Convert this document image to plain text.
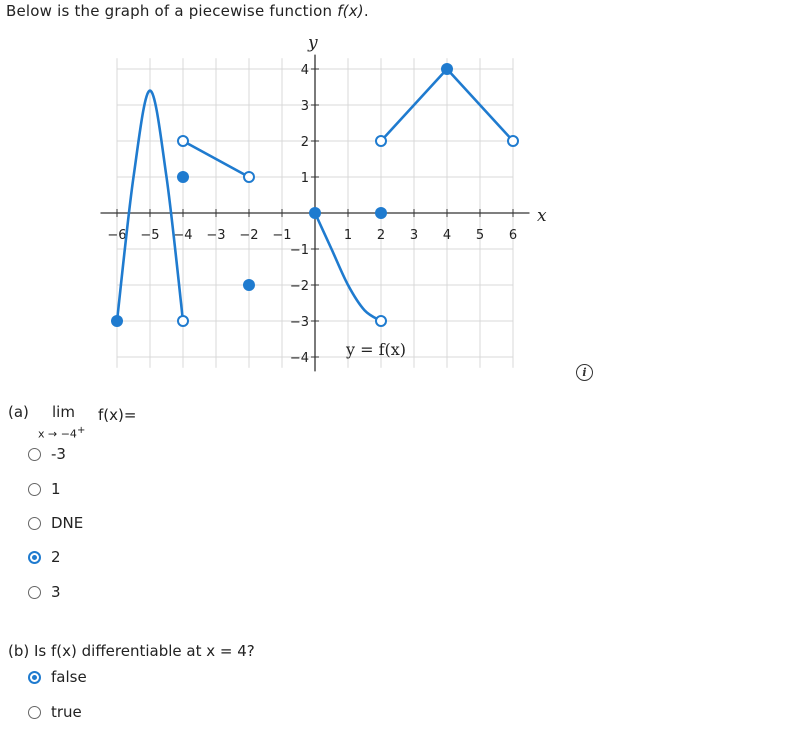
Below is the graph of a piecewise function f(x).
−6 −5 −4 −3 −2 −1	1 2 3 4 5 6
4
3
2
1
−1
−2
−3
−4
x
y
y = f(x)
i
(a) lim
x → −4+
f(x)=
-3
1
DNE
2
3
(b) Is f(x) differentiable at x = 4?
false
true
